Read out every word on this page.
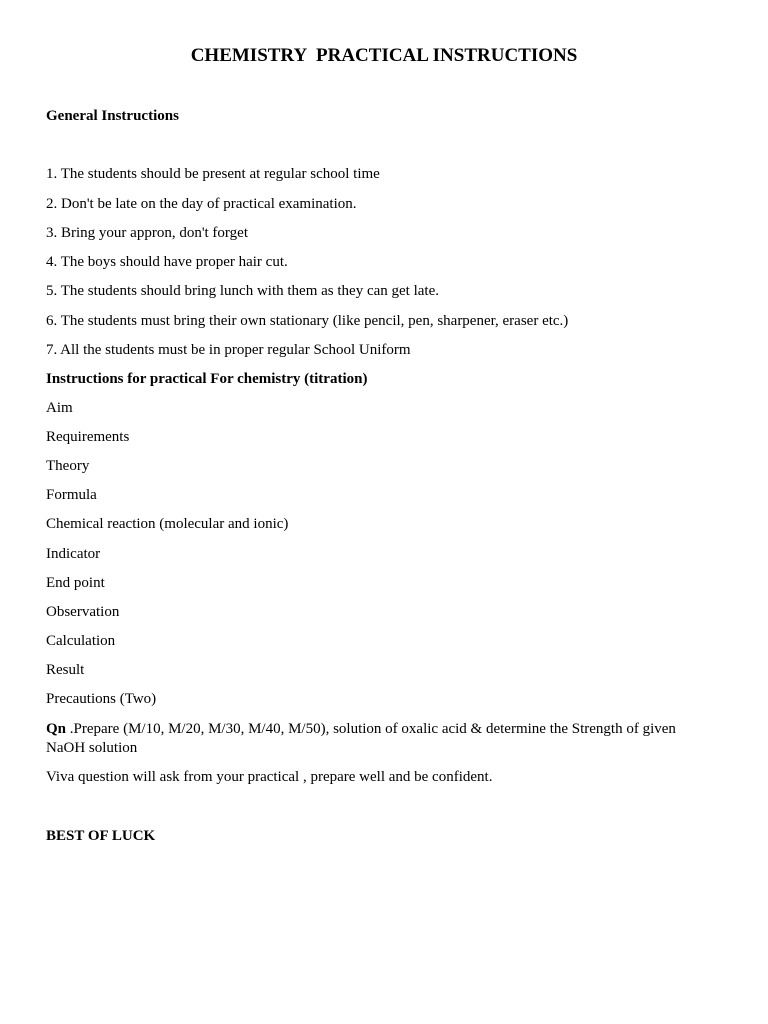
CHEMISTRY  PRACTICAL INSTRUCTIONS
General Instructions
1. The students should be present at regular school time
2. Don't be late on the day of practical examination.
3. Bring your appron, don't forget
4. The boys should have proper hair cut.
5. The students should bring lunch with them as they can get late.
6. The students must bring their own stationary (like pencil, pen, sharpener, eraser etc.)
7. All the students must be in proper regular School Uniform
Instructions for practical For chemistry (titration)
Aim
Requirements
Theory
Formula
Chemical reaction (molecular and ionic)
Indicator
End point
Observation
Calculation
Result
Precautions (Two)
Qn .Prepare (M/10, M/20, M/30, M/40, M/50), solution of oxalic acid & determine the Strength of given NaOH solution
Viva question will ask from your practical , prepare well and be confident.
BEST OF LUCK
